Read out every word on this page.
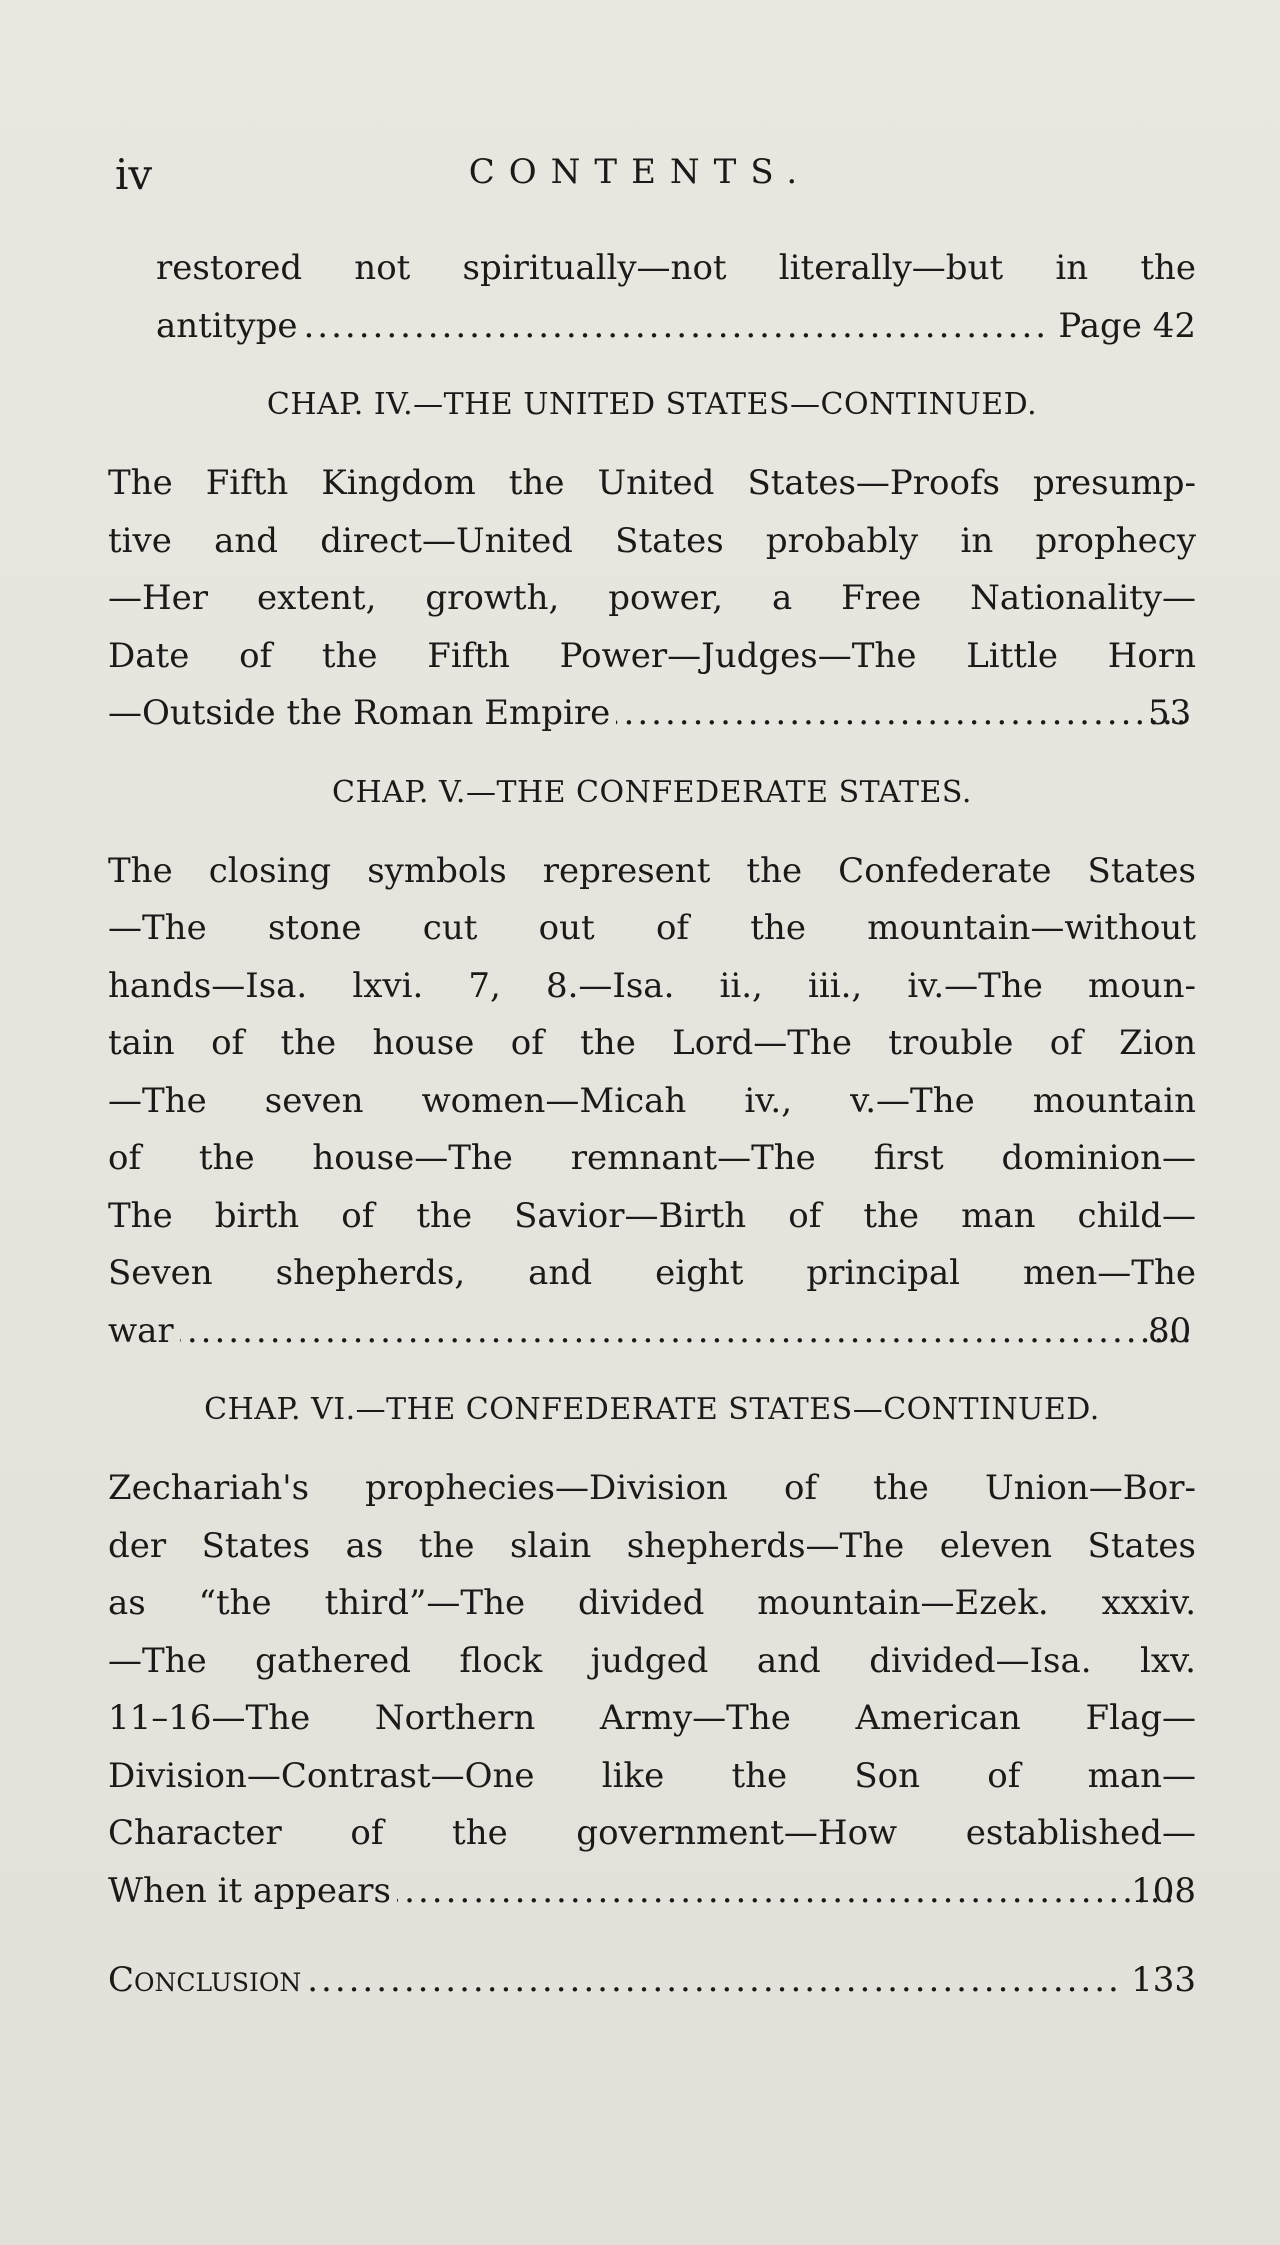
iv	CONTENTS.
restored not spiritually—not literally—but in the
antitype .....	Page 42

CHAP. IV.—THE UNITED STATES—CONTINUED.

The Fifth Kingdom the United States—Proofs presump-
tive and direct—United States probably in prophecy
—Her extent, growth, power, a Free Nationality—
Date of the Fifth Power—Judges—The Little Horn
—Outside the Roman Empire .....	53

CHAP. V.—THE CONFEDERATE STATES.

The closing symbols represent the Confederate States
—The stone cut out of the mountain—without
hands—Isa. lxvi. 7, 8.—Isa. ii., iii., iv.—The moun-
tain of the house of the Lord—The trouble of Zion
—The seven women—Micah iv., v.—The mountain
of the house—The remnant—The first dominion—
The birth of the Savior—Birth of the man child—
Seven shepherds, and eight principal men—The
war .....	80

CHAP. VI.—THE CONFEDERATE STATES—CONTINUED.

Zechariah's prophecies—Division of the Union—Bor-
der States as the slain shepherds—The eleven States
as “the third”—The divided mountain—Ezek. xxxiv.
—The gathered flock judged and divided—Isa. lxv.
11–16—The Northern Army—The American Flag—
Division—Contrast—One like the Son of man—
Character of the government—How established—
When it appears .....	108
CONCLUSION .....	133
